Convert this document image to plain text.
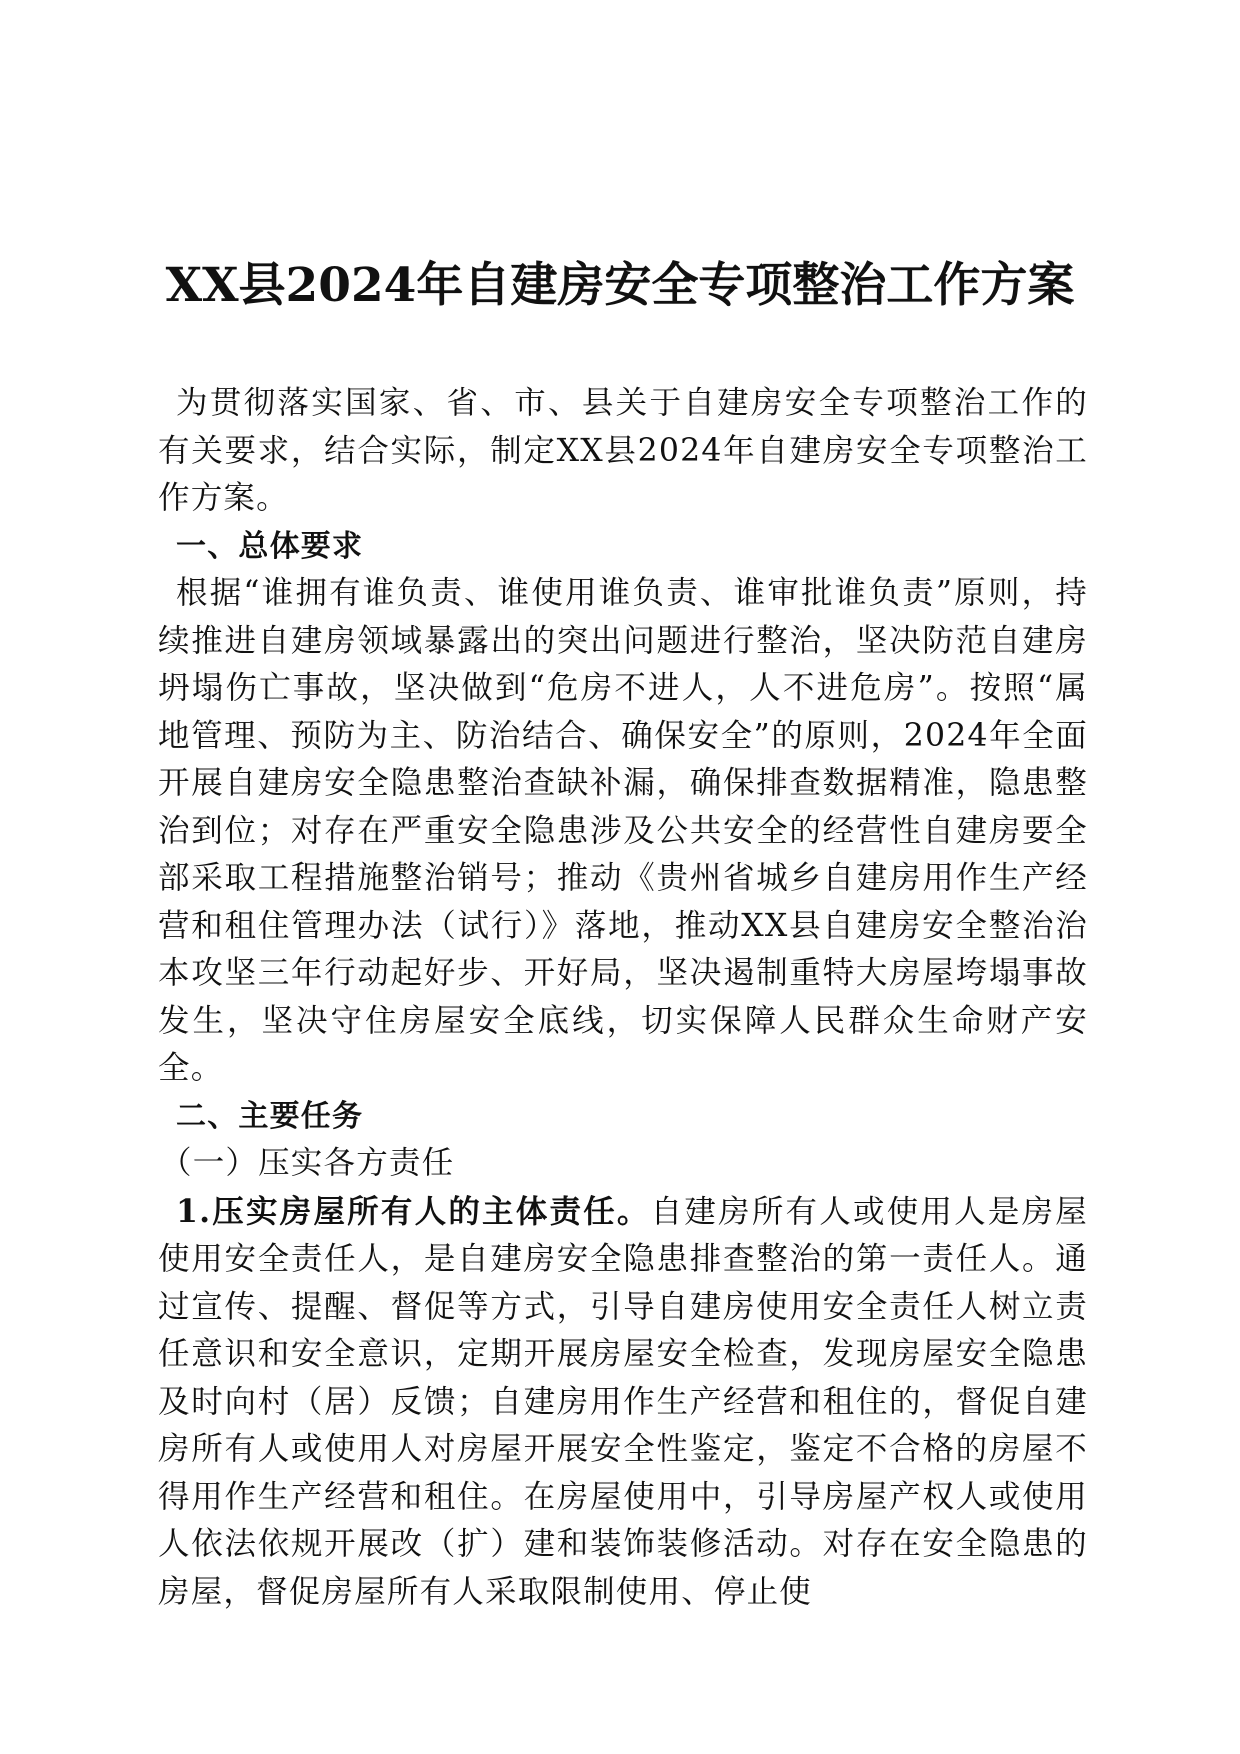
XX县2024年自建房安全专项整治工作方案

为贯彻落实国家、省、市、县关于自建房安全专项整治工作的有关要求，结合实际，制定XX县2024年自建房安全专项整治工作方案。

一、总体要求

根据“谁拥有谁负责、谁使用谁负责、谁审批谁负责”原则，持续推进自建房领域暴露出的突出问题进行整治，坚决防范自建房坍塌伤亡事故，坚决做到“危房不进人，人不进危房”。按照“属地管理、预防为主、防治结合、确保安全”的原则，2024年全面开展自建房安全隐患整治查缺补漏，确保排查数据精准，隐患整治到位；对存在严重安全隐患涉及公共安全的经营性自建房要全部采取工程措施整治销号；推动《贵州省城乡自建房用作生产经营和租住管理办法（试行）》落地，推动XX县自建房安全整治治本攻坚三年行动起好步、开好局，坚决遏制重特大房屋垮塌事故发生，坚决守住房屋安全底线，切实保障人民群众生命财产安全。

二、主要任务

（一）压实各方责任

1.压实房屋所有人的主体责任。自建房所有人或使用人是房屋使用安全责任人，是自建房安全隐患排查整治的第一责任人。通过宣传、提醒、督促等方式，引导自建房使用安全责任人树立责任意识和安全意识，定期开展房屋安全检查，发现房屋安全隐患及时向村（居）反馈；自建房用作生产经营和租住的，督促自建房所有人或使用人对房屋开展安全性鉴定，鉴定不合格的房屋不得用作生产经营和租住。在房屋使用中，引导房屋产权人或使用人依法依规开展改（扩）建和装饰装修活动。对存在安全隐患的房屋，督促房屋所有人采取限制使用、停止使
